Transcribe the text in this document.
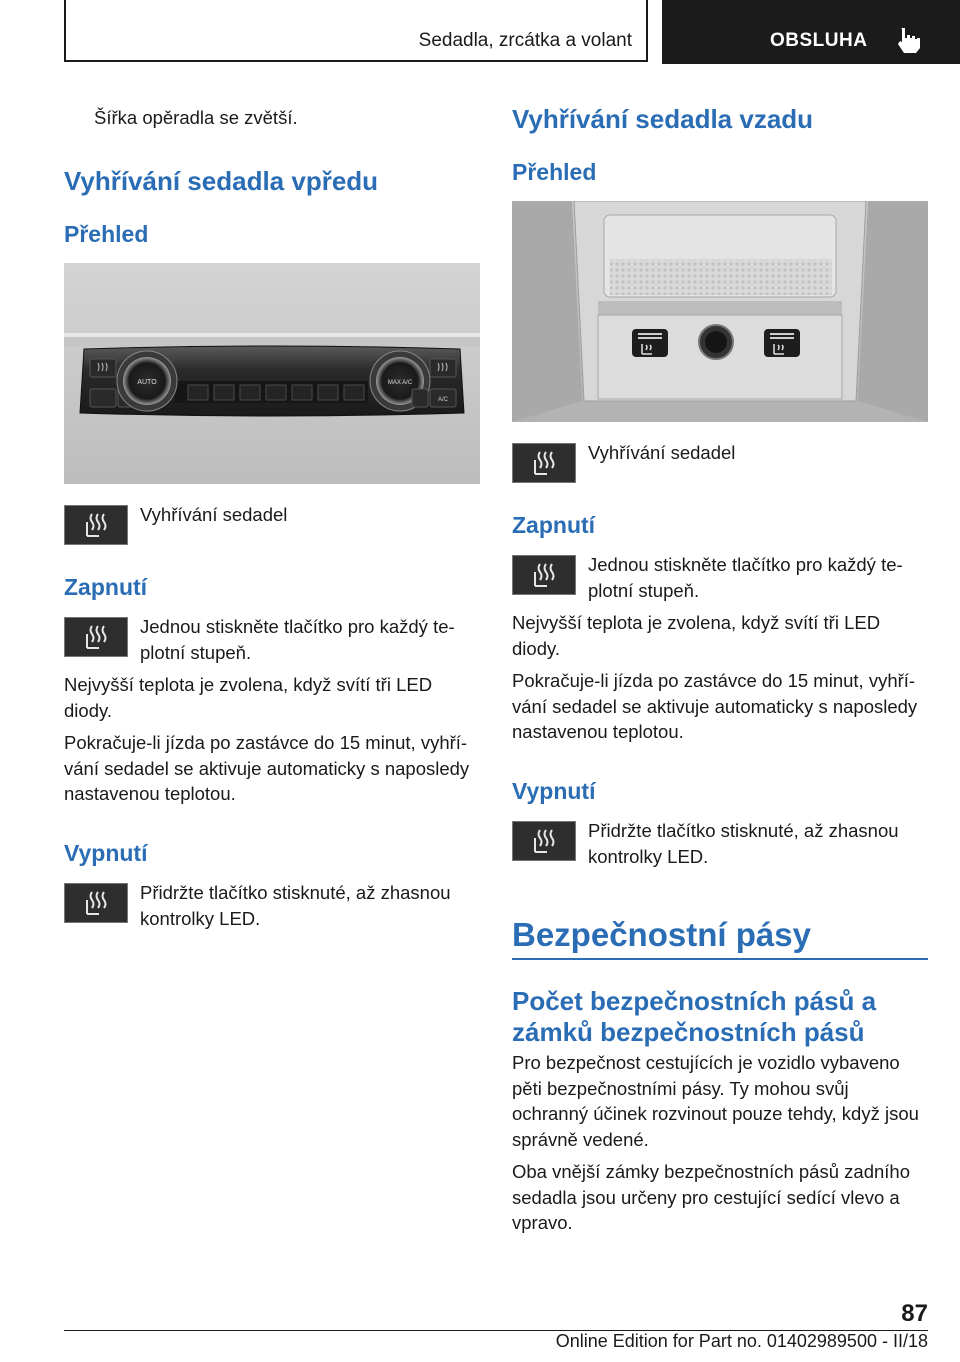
Sedadla, zrcátka a volant	OBSLUHA
Šířka opěradla se zvětší.
Vyhřívání sedadla vpředu
Přehled
AUTO	MAX A/C
A/C
Vyhřívání sedadel
Zapnutí
Jednou stiskněte tlačítko pro každý te- plotní stupeň.
Nejvyšší teplota je zvolena, když svítí tři LED diody.
Pokračuje-li jízda po zastávce do 15 minut, vyhří- vání sedadel se aktivuje automaticky s naposledy nastavenou teplotou.
Vypnutí
Přidržte tlačítko stisknuté, až zhasnou kontrolky LED.
Vyhřívání sedadla vzadu
Přehled
Vyhřívání sedadel
Zapnutí
Jednou stiskněte tlačítko pro každý te- plotní stupeň.
Nejvyšší teplota je zvolena, když svítí tři LED diody.
Pokračuje-li jízda po zastávce do 15 minut, vyhří- vání sedadel se aktivuje automaticky s naposledy nastavenou teplotou.
Vypnutí
Přidržte tlačítko stisknuté, až zhasnou kontrolky LED.
Bezpečnostní pásy
Počet bezpečnostních pásů a zámků bezpečnostních pásů
Pro bezpečnost cestujících je vozidlo vybaveno pěti bezpečnostními pásy. Ty mohou svůj ochranný účinek rozvinout pouze tehdy, když jsou správně vedené.
Oba vnější zámky bezpečnostních pásů zadního sedadla jsou určeny pro cestující sedící vlevo a vpravo.
87
Online Edition for Part no. 01402989500 - II/18
